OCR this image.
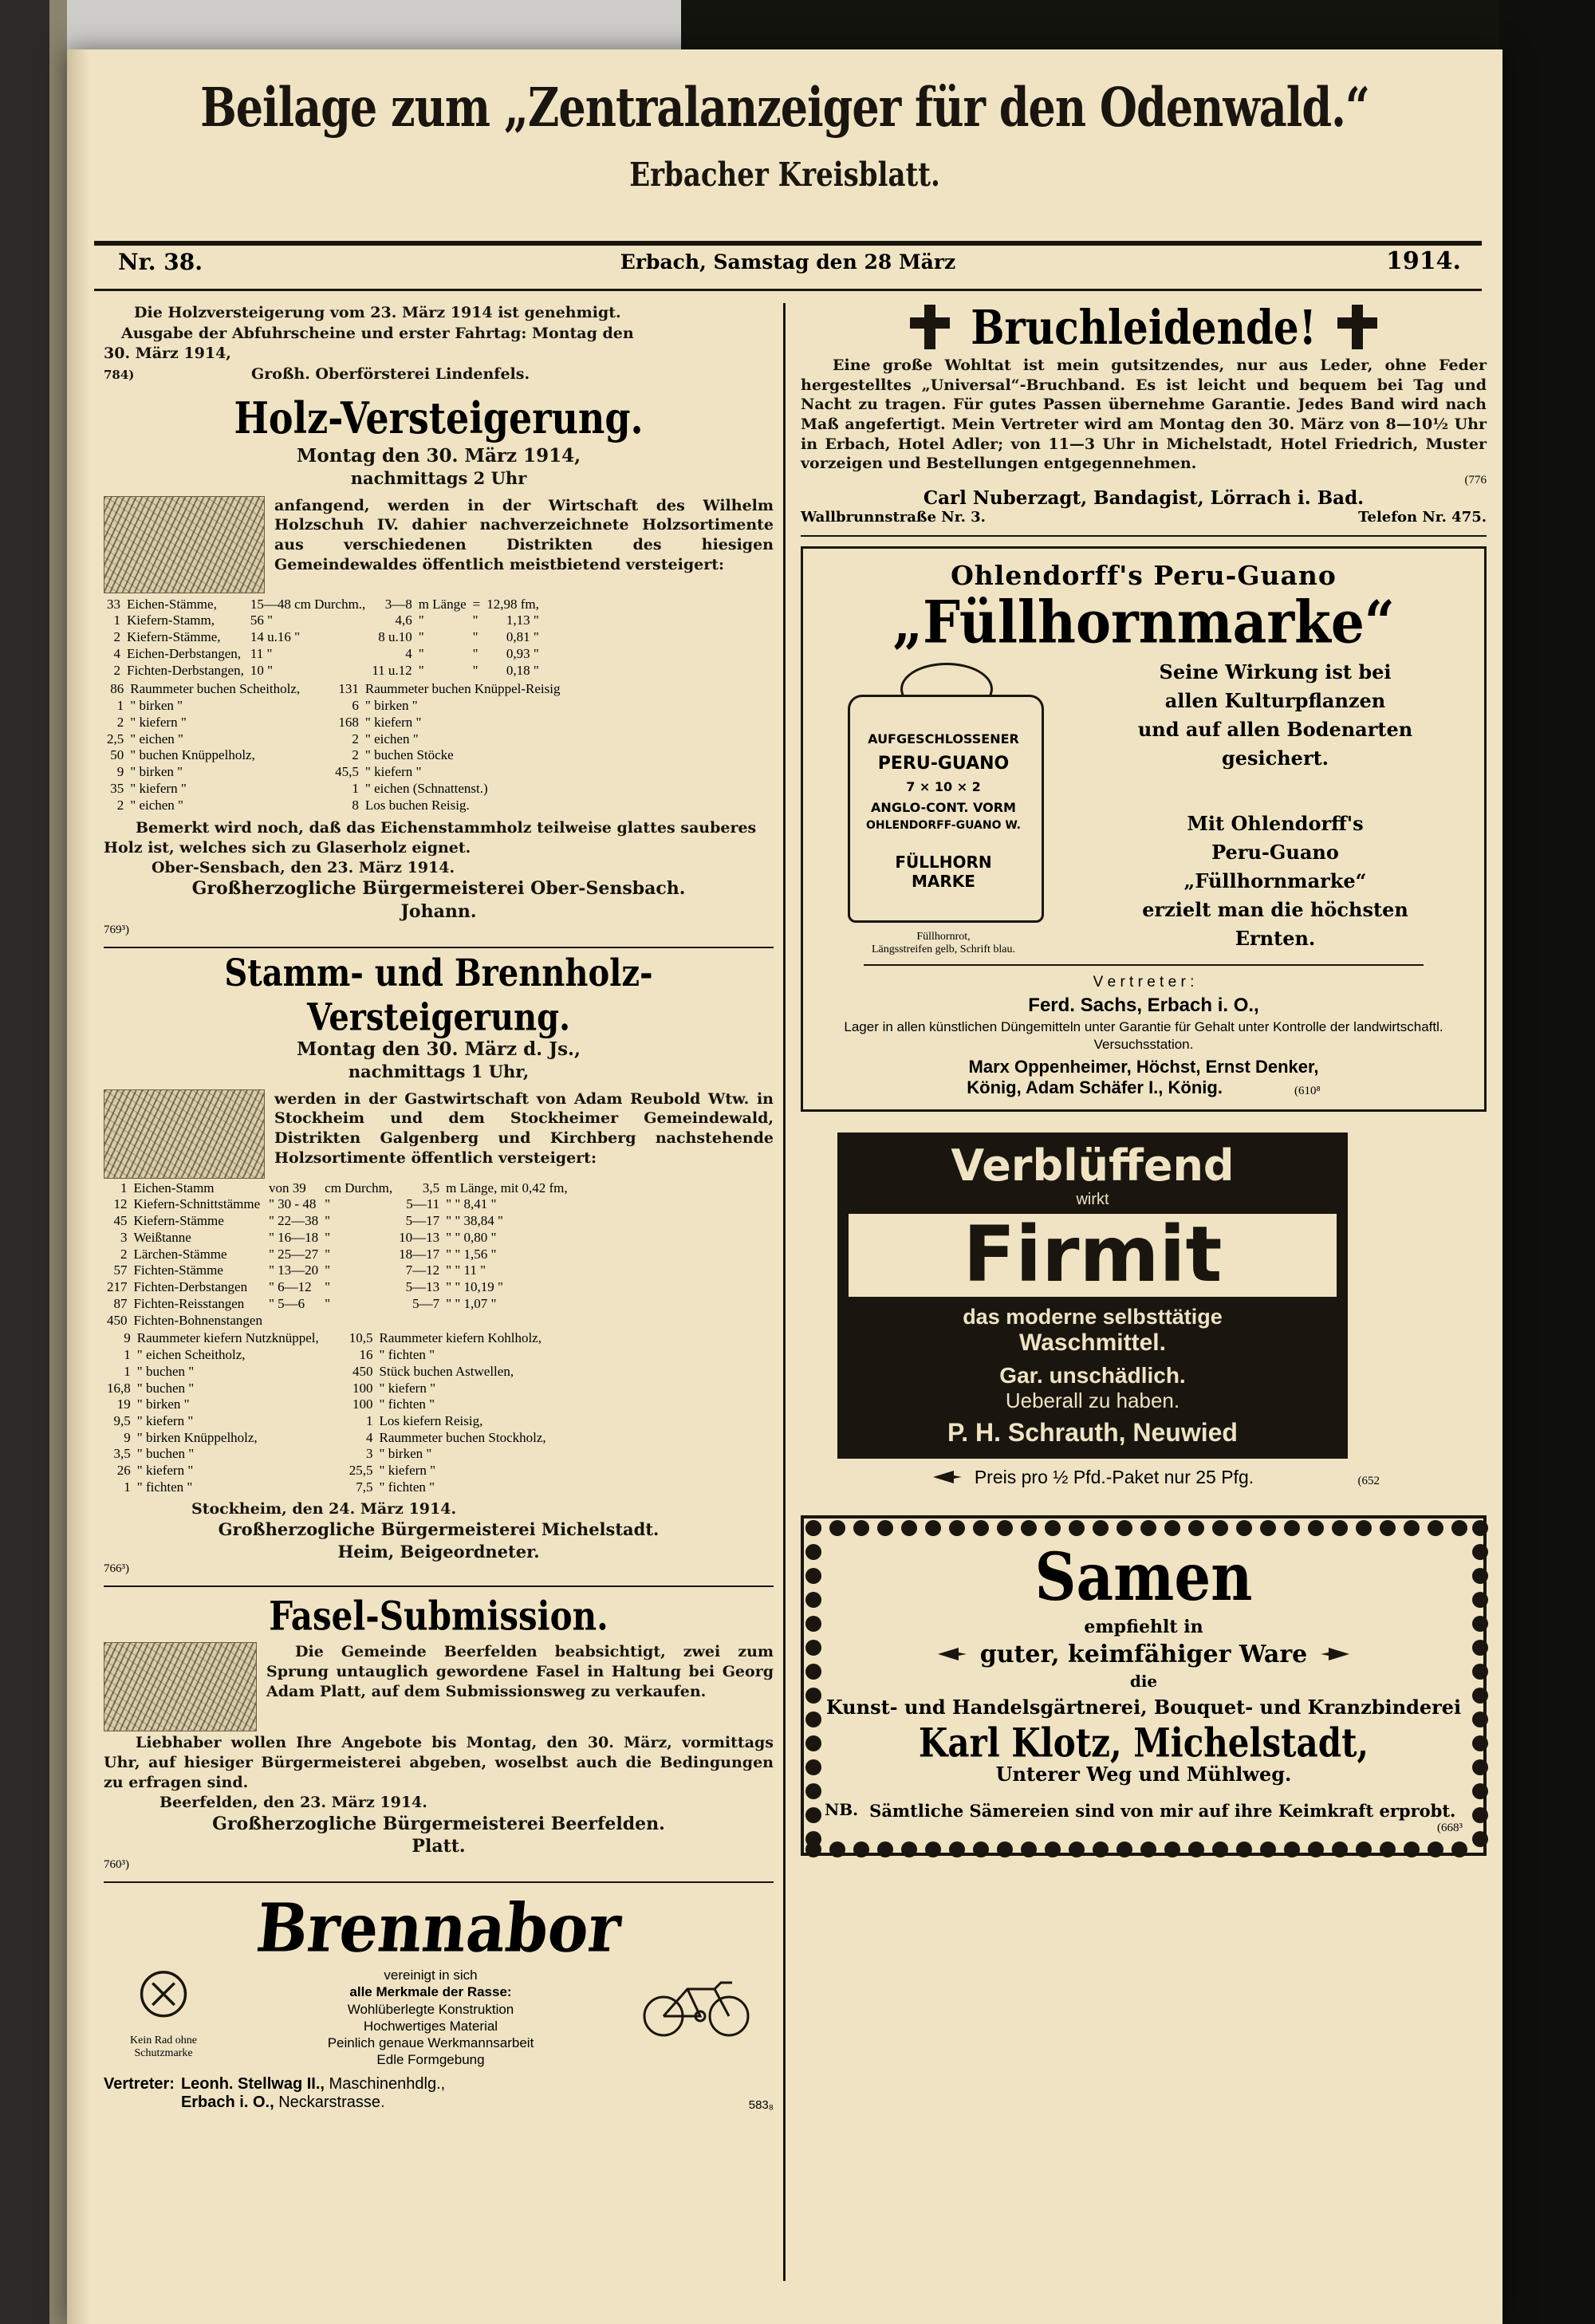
Beilage zum „Zentralanzeiger für den Odenwald.“
Erbacher Kreisblatt.
Nr. 38.	Erbach, Samstag den 28 März	1914.
Die Holzversteigerung vom 23. März 1914 ist genehmigt.
Ausgabe der Abfuhrscheine und erster Fahrtag: Montag den
30. März 1914,
784)	Großh. Oberförsterei Lindenfels.
Holz-Versteigerung.
Montag den 30. März 1914,
nachmittags 2 Uhr
anfangend, werden in der Wirtschaft des Wilhelm Holzschuh IV. dahier nachverzeichnete Holzsortimente aus verschiedenen Distrikten des hiesigen Gemeindewaldes öffentlich meistbietend versteigert:
33	Eichen-Stämme,	15—48 cm Durchm.,	3—8	m Länge	=	12,98 fm,
1	Kiefern-Stamm,	56 "	4,6	"	"	1,13 "
2	Kiefern-Stämme,	14 u.16 "	8 u.10	"	"	0,81 "
4	Eichen-Derbstangen,	11 "	4	"	"	0,93 "
2	Fichten-Derbstangen,	10 "	11 u.12	"	"	0,18 "
86	Raummeter buchen Scheitholz,	131	Raummeter buchen Knüppel-Reisig
1	" birken "	6	" birken "
2	" kiefern "	168	" kiefern "
2,5	" eichen "	2	" eichen "
50	" buchen Knüppelholz,	2	" buchen Stöcke
9	" birken "	45,5	" kiefern "
35	" kiefern "	1	" eichen (Schnattenst.)
2	" eichen "	8	Los buchen Reisig.
Bemerkt wird noch, daß das Eichenstammholz teilweise glattes sauberes Holz ist, welches sich zu Glaserholz eignet.
Ober-Sensbach, den 23. März 1914.
Großherzogliche Bürgermeisterei Ober-Sensbach.
Johann.
769³)
Stamm- und Brennholz-Versteigerung.
Montag den 30. März d. Js.,
nachmittags 1 Uhr,
werden in der Gastwirtschaft von Adam Reubold Wtw. in Stockheim und dem Stockheimer Gemeindewald, Distrikten Galgenberg und Kirchberg nachstehende Holzsortimente öffentlich versteigert:
1	Eichen-Stamm	von 39	cm Durchm,	3,5	m Länge, mit 0,42 fm,
12	Kiefern-Schnittstämme	" 30 - 48	"	5—11	" " 8,41 "
45	Kiefern-Stämme	" 22—38	"	5—17	" " 38,84 "
3	Weißtanne	" 16—18	"	10—13	" " 0,80 "
2	Lärchen-Stämme	" 25—27	"	18—17	" " 1,56 "
57	Fichten-Stämme	" 13—20	"	7—12	" " 11 "
217	Fichten-Derbstangen	" 6—12	"	5—13	" " 10,19 "
87	Fichten-Reisstangen	" 5—6	"	5—7	" " 1,07 "
450	Fichten-Bohnenstangen				
9	Raummeter kiefern Nutzknüppel,	10,5	Raummeter kiefern Kohlholz,
1	" eichen Scheitholz,	16	" fichten "
1	" buchen "	450	Stück buchen Astwellen,
16,8	" buchen "	100	" kiefern "
19	" birken "	100	" fichten "
9,5	" kiefern "	1	Los kiefern Reisig,
9	" birken Knüppelholz,	4	Raummeter buchen Stockholz,
3,5	" buchen "	3	" birken "
26	" kiefern "	25,5	" kiefern "
1	" fichten "	7,5	" fichten "
Stockheim, den 24. März 1914.
Großherzogliche Bürgermeisterei Michelstadt.
Heim, Beigeordneter.
766³)
Fasel-Submission.
Die Gemeinde Beerfelden beabsichtigt, zwei zum Sprung untauglich gewordene Fasel in Haltung bei Georg Adam Platt, auf dem Submissionsweg zu verkaufen.
Liebhaber wollen Ihre Angebote bis Montag, den 30. März, vormittags Uhr, auf hiesiger Bürgermeisterei abgeben, woselbst auch die Bedingungen zu erfragen sind.
Beerfelden, den 23. März 1914.
Großherzogliche Bürgermeisterei Beerfelden.
Platt.
760³)
Brennabor
Kein Rad ohne Schutzmarke
vereinigt in sich
alle Merkmale der Rasse:
Wohlüberlegte Konstruktion
Hochwertiges Material
Peinlich genaue Werkmannsarbeit
Edle Formgebung
Vertreter: Leonh. Stellwag II., Maschinenhdlg.,
Erbach i. O., Neckarstrasse.	583₈
Bruchleidende!
Eine große Wohltat ist mein gutsitzendes, nur aus Leder, ohne Feder hergestelltes „Universal“-Bruchband. Es ist leicht und bequem bei Tag und Nacht zu tragen. Für gutes Passen übernehme Garantie. Jedes Band wird nach Maß angefertigt. Mein Vertreter wird am Montag den 30. März von 8—10½ Uhr in Erbach, Hotel Adler; von 11—3 Uhr in Michelstadt, Hotel Friedrich, Muster vorzeigen und Bestellungen entgegennehmen.
(776
Carl Nuberzagt, Bandagist, Lörrach i. Bad.
Wallbrunnstraße Nr. 3.	Telefon Nr. 475.
Ohlendorff's Peru-Guano
„Füllhornmarke“
AUFGESCHLOSSENER
PERU-GUANO
7 × 10 × 2
ANGLO-CONT. VORM
OHLENDORFF-GUANO W.
FÜLLHORN
MARKE
Füllhornrot,
Längsstreifen gelb, Schrift blau.
Seine Wirkung ist bei
allen Kulturpflanzen
und auf allen Bodenarten
gesichert.
Mit Ohlendorff's
Peru-Guano
„Füllhornmarke“
erzielt man die höchsten
Ernten.
V e r t r e t e r :
Ferd. Sachs, Erbach i. O.,
Lager in allen künstlichen Düngemitteln unter Garantie für Gehalt unter Kontrolle der landwirtschaftl. Versuchsstation.
Marx Oppenheimer, Höchst, Ernst Denker,
König, Adam Schäfer I., König.	(610⁸
Verblüffend
wirkt
Firmit
das moderne selbsttätige
Waschmittel.
Gar. unschädlich.
Ueberall zu haben.
P. H. Schrauth, Neuwied
Preis pro ½ Pfd.-Paket nur 25 Pfg.	(652
Samen
empfiehlt in
guter, keimfähiger Ware
die
Kunst- und Handelsgärtnerei, Bouquet- und Kranzbinderei
Karl Klotz, Michelstadt,
Unterer Weg und Mühlweg.
NB. Sämtliche Sämereien sind von mir auf ihre Keimkraft erprobt.
(668³
